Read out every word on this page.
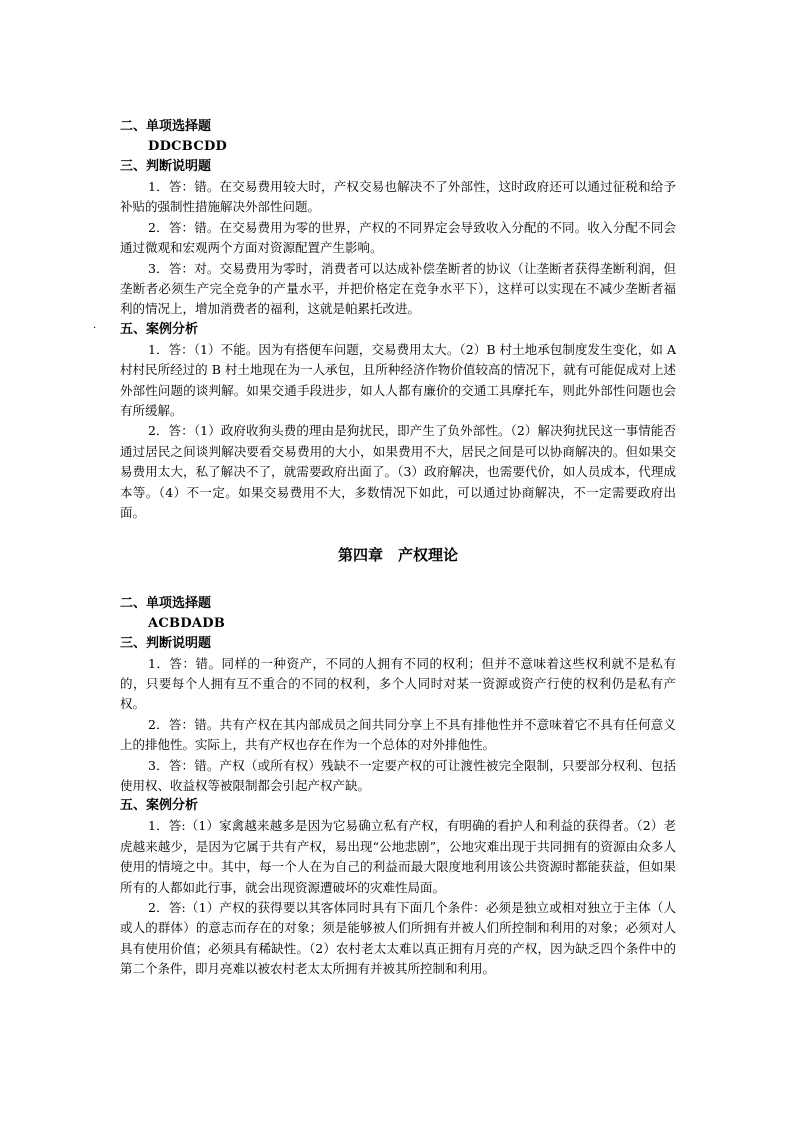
·

二、单项选择题

DDCBCDD

三、判断说明题

1．答：错。在交易费用较大时，产权交易也解决不了外部性，这时政府还可以通过征税和给予补贴的强制性措施解决外部性问题。

2．答：错。在交易费用为零的世界，产权的不同界定会导致收入分配的不同。收入分配不同会通过微观和宏观两个方面对资源配置产生影响。

3．答：对。交易费用为零时，消费者可以达成补偿垄断者的协议（让垄断者获得垄断利润，但垄断者必须生产完全竞争的产量水平，并把价格定在竞争水平下），这样可以实现在不减少垄断者福利的情况上，增加消费者的福利，这就是帕累托改进。

五、案例分析

1．答：（1）不能。因为有搭便车问题，交易费用太大。（2）B 村土地承包制度发生变化，如 A 村村民所经过的 B 村土地现在为一人承包，且所种经济作物价值较高的情况下，就有可能促成对上述外部性问题的谈判解。如果交通手段进步，如人人都有廉价的交通工具摩托车，则此外部性问题也会有所缓解。

2．答：（1）政府收狗头费的理由是狗扰民，即产生了负外部性。（2）解决狗扰民这一事情能否通过居民之间谈判解决要看交易费用的大小，如果费用不大，居民之间是可以协商解决的。但如果交易费用太大，私了解决不了，就需要政府出面了。（3）政府解决，也需要代价，如人员成本，代理成本等。（4）不一定。如果交易费用不大，多数情况下如此，可以通过协商解决，不一定需要政府出面。

第四章　产权理论

二、单项选择题

ACBDADB

三、判断说明题

1．答：错。同样的一种资产，不同的人拥有不同的权利；但并不意味着这些权利就不是私有的，只要每个人拥有互不重合的不同的权利，多个人同时对某一资源或资产行使的权利仍是私有产权。

2．答：错。共有产权在其内部成员之间共同分享上不具有排他性并不意味着它不具有任何意义上的排他性。实际上，共有产权也存在作为一个总体的对外排他性。

3．答：错。产权（或所有权）残缺不一定要产权的可让渡性被完全限制，只要部分权利、包括使用权、收益权等被限制都会引起产权产缺。

五、案例分析

1．答:（1）家禽越来越多是因为它易确立私有产权，有明确的看护人和利益的获得者。（2）老虎越来越少，是因为它属于共有产权，易出现“公地悲剧”，公地灾难出现于共同拥有的资源由众多人使用的情境之中。其中，每一个人在为自己的利益而最大限度地利用该公共资源时都能获益，但如果所有的人都如此行事，就会出现资源遭破坏的灾难性局面。

2．答:（1）产权的获得要以其客体同时具有下面几个条件：必须是独立或相对独立于主体（人或人的群体）的意志而存在的对象；须是能够被人们所拥有并被人们所控制和利用的对象；必须对人具有使用价值；必须具有稀缺性。（2）农村老太太难以真正拥有月亮的产权，因为缺乏四个条件中的第二个条件，即月亮难以被农村老太太所拥有并被其所控制和利用。
